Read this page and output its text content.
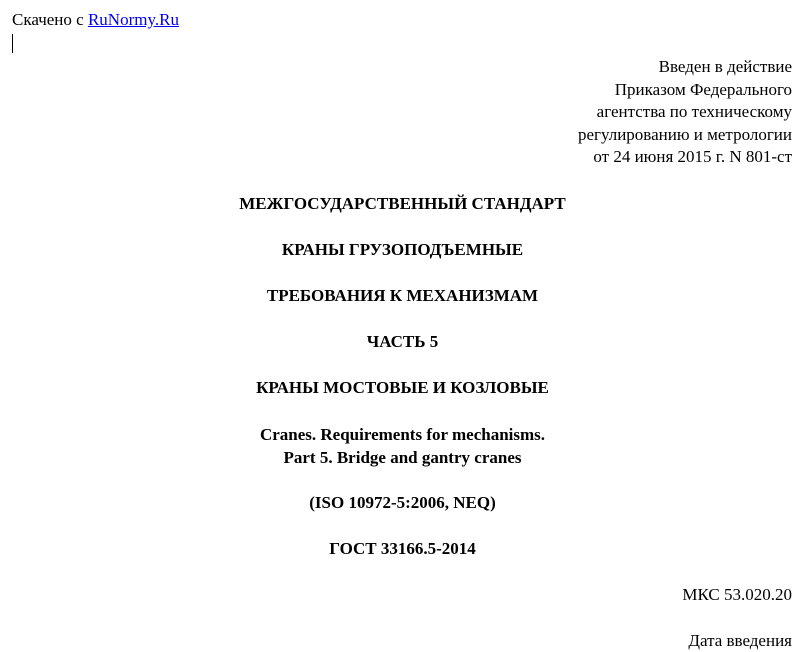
Скачено с RuNormy.Ru
Введен в действие
Приказом Федерального
агентства по техническому
регулированию и метрологии
от 24 июня 2015 г. N 801-ст
МЕЖГОСУДАРСТВЕННЫЙ СТАНДАРТ
КРАНЫ ГРУЗОПОДЪЕМНЫЕ
ТРЕБОВАНИЯ К МЕХАНИЗМАМ
ЧАСТЬ 5
КРАНЫ МОСТОВЫЕ И КОЗЛОВЫЕ
Cranes. Requirements for mechanisms.
Part 5. Bridge and gantry cranes
(ISO 10972-5:2006, NEQ)
ГОСТ 33166.5-2014
МКС 53.020.20
Дата введения
